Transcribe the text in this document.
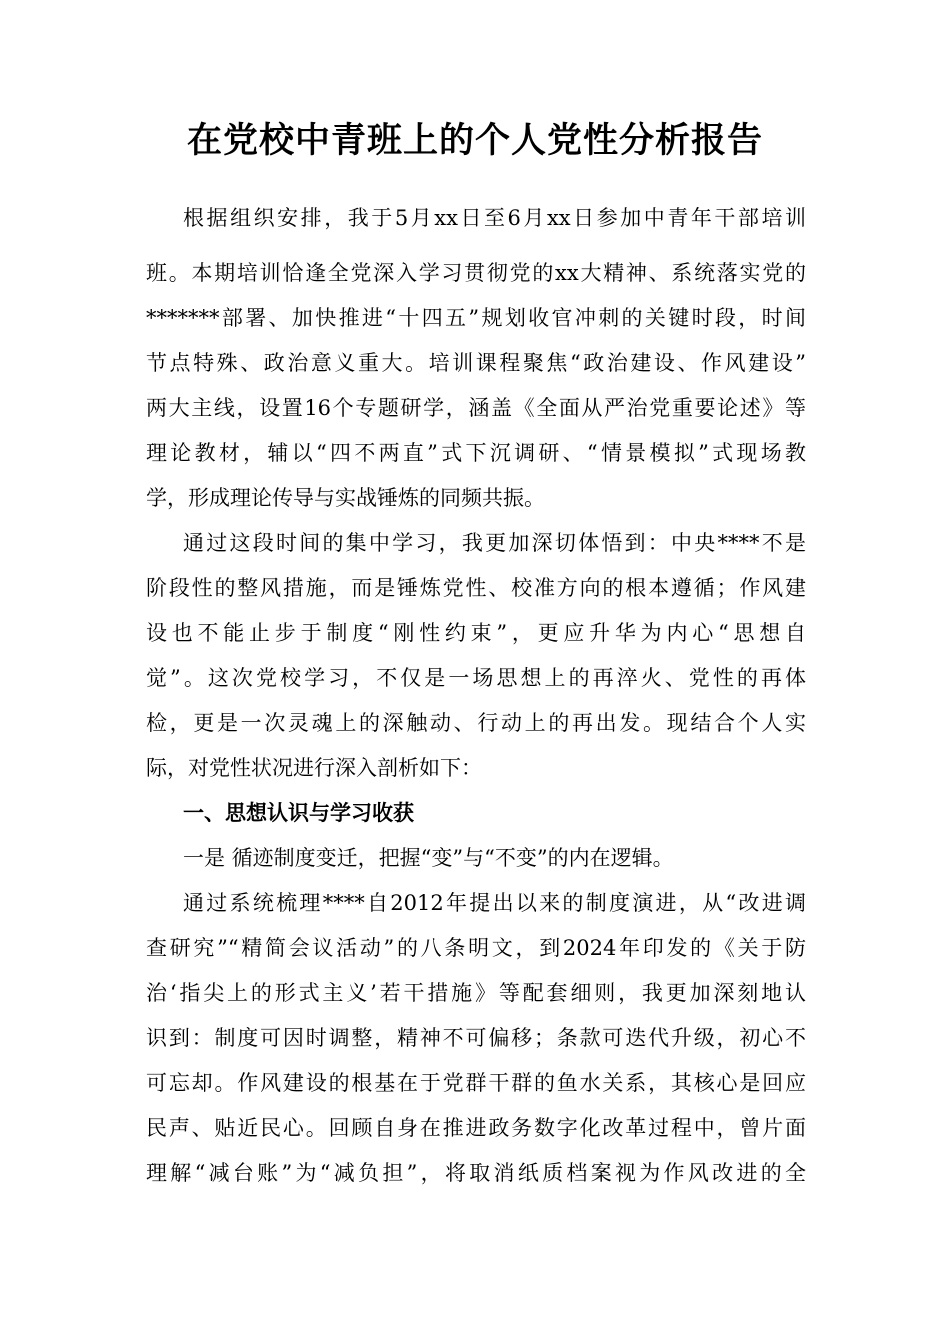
在党校中青班上的个人党性分析报告
根据组织安排，我于5月xx日至6月xx日参加中青年干部培训
班。本期培训恰逢全党深入学习贯彻党的xx大精神、系统落实党的
*******部署、加快推进“十四五”规划收官冲刺的关键时段，时间
节点特殊、政治意义重大。培训课程聚焦“政治建设、作风建设”
两大主线，设置16个专题研学，涵盖《全面从严治党重要论述》等
理论教材，辅以“四不两直”式下沉调研、“情景模拟”式现场教
学，形成理论传导与实战锤炼的同频共振。
通过这段时间的集中学习，我更加深切体悟到：中央****不是
阶段性的整风措施，而是锤炼党性、校准方向的根本遵循；作风建
设也不能止步于制度“刚性约束”，更应升华为内心“思想自
觉”。这次党校学习，不仅是一场思想上的再淬火、党性的再体
检，更是一次灵魂上的深触动、行动上的再出发。现结合个人实
际，对党性状况进行深入剖析如下：
一、思想认识与学习收获
一是 循迹制度变迁，把握“变”与“不变”的内在逻辑。
通过系统梳理****自2012年提出以来的制度演进，从“改进调
查研究”“精简会议活动”的八条明文，到2024年印发的《关于防
治‘指尖上的形式主义’若干措施》等配套细则，我更加深刻地认
识到：制度可因时调整，精神不可偏移；条款可迭代升级，初心不
可忘却。作风建设的根基在于党群干群的鱼水关系，其核心是回应
民声、贴近民心。回顾自身在推进政务数字化改革过程中，曾片面
理解“减台账”为“减负担”，将取消纸质档案视为作风改进的全
